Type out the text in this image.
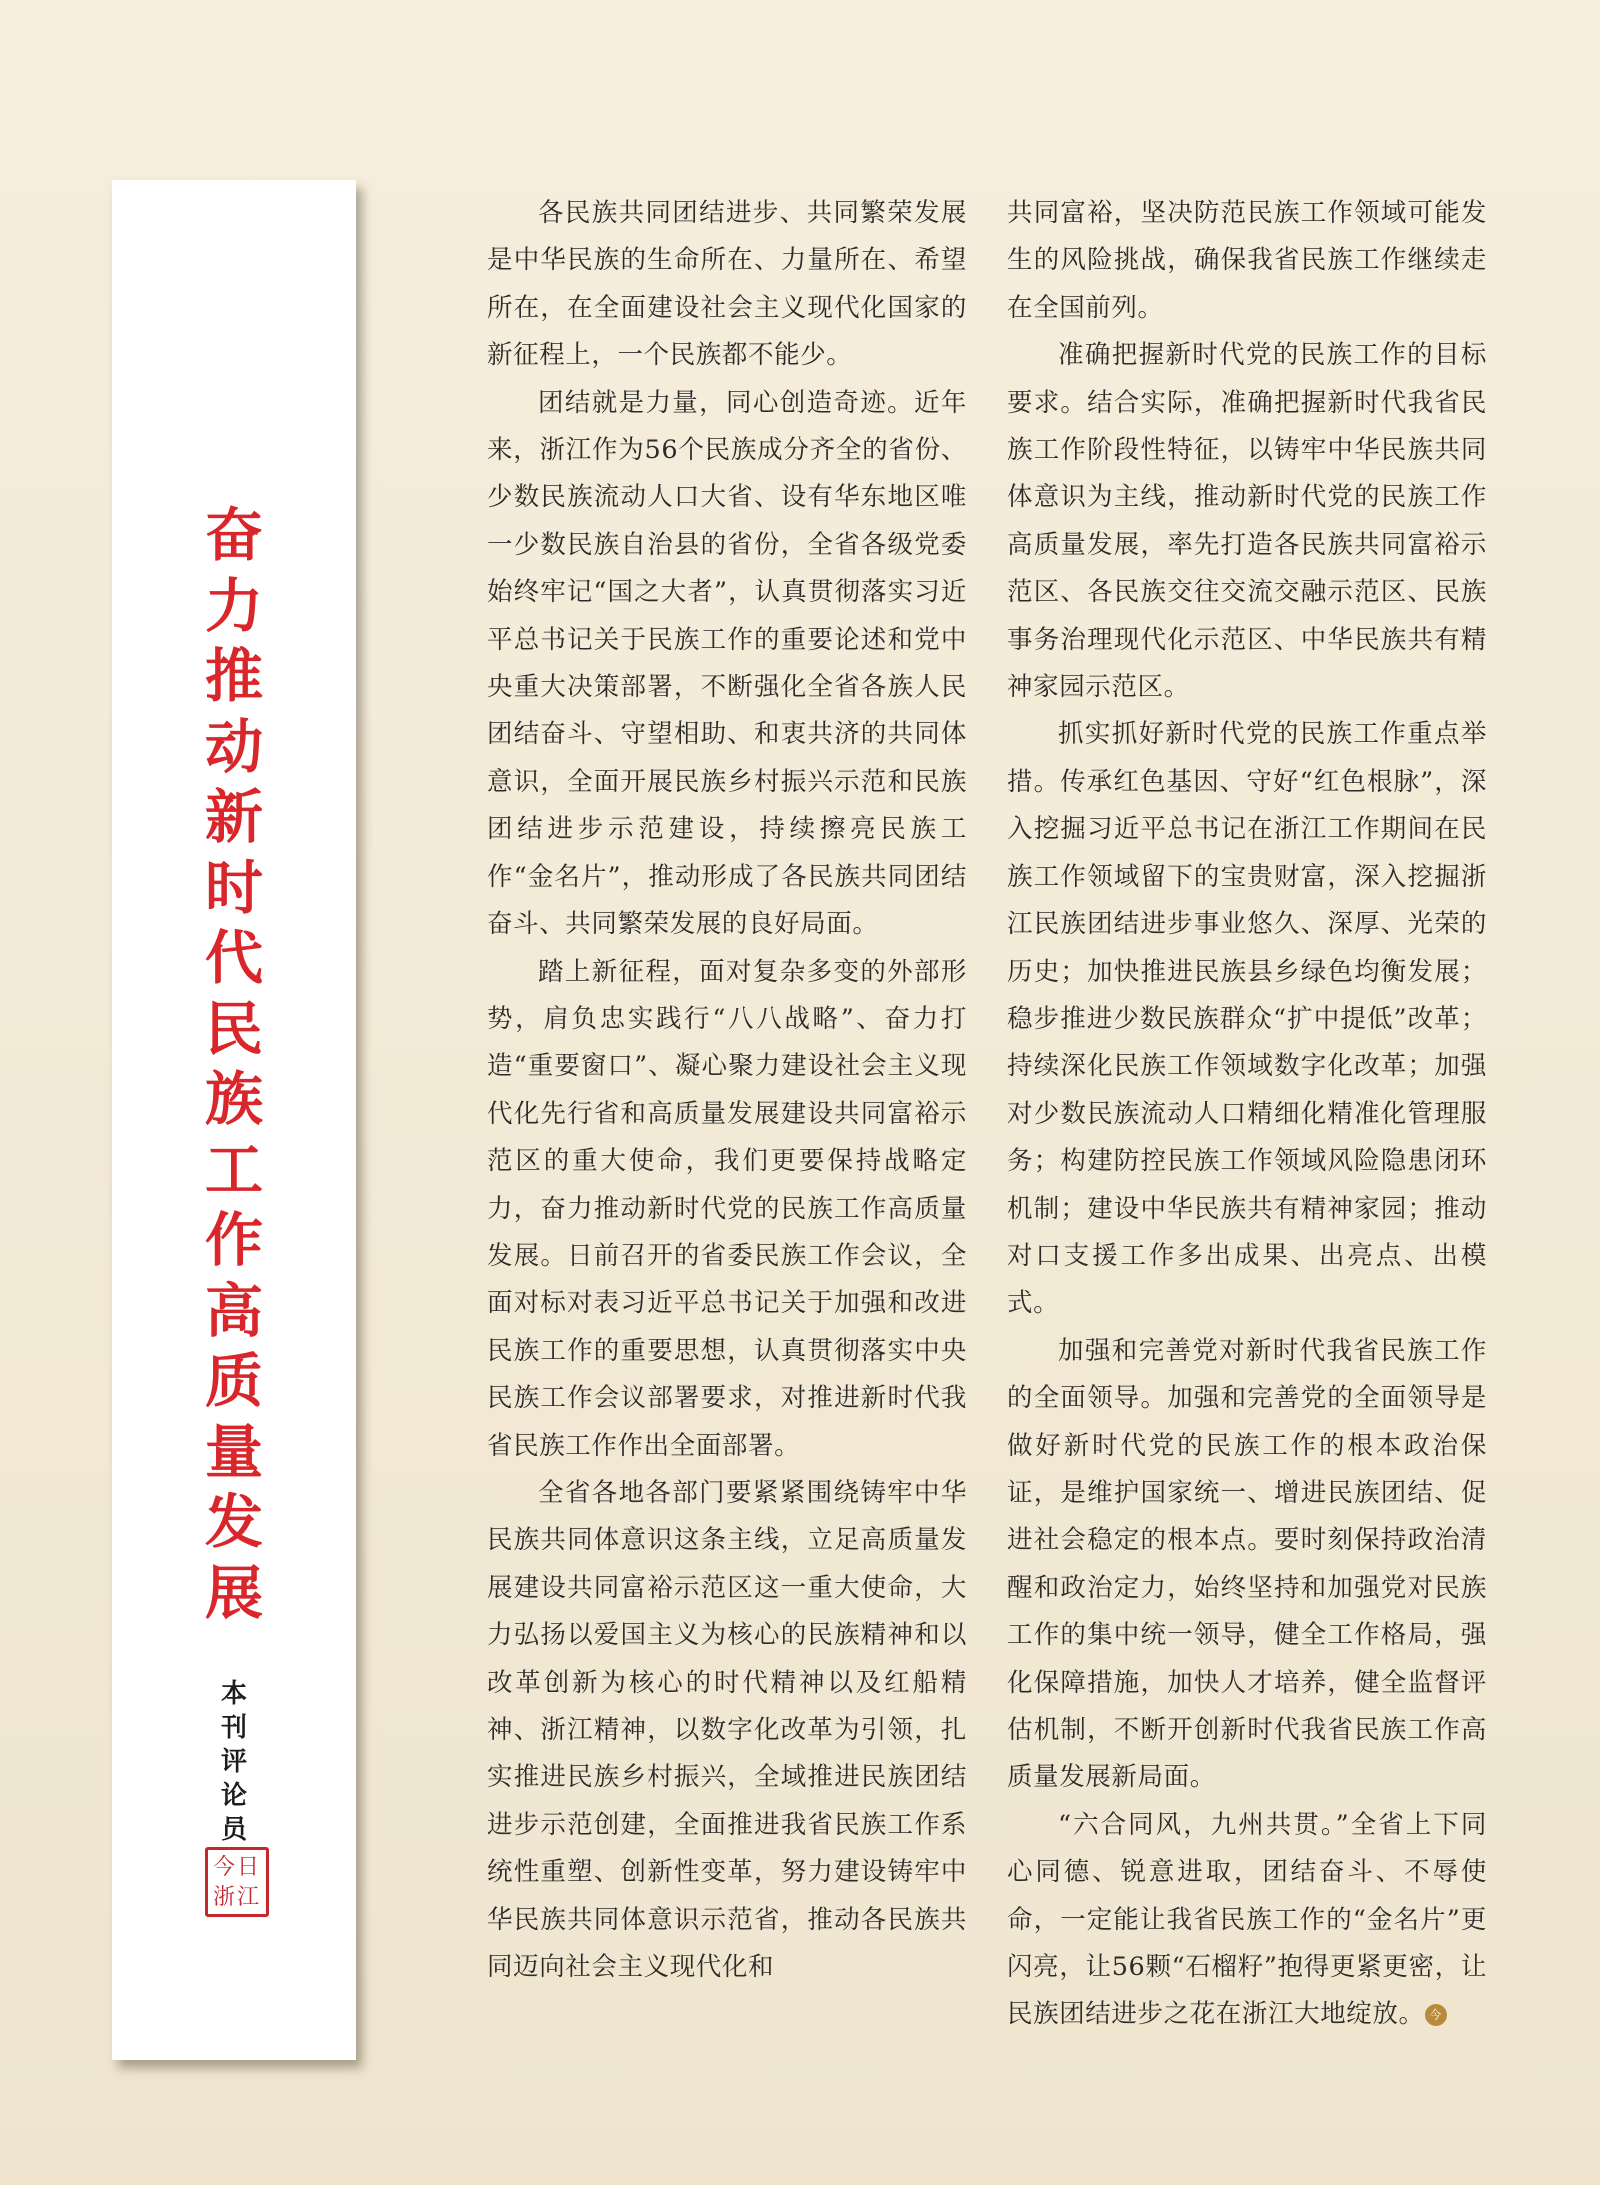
奋
力
推
动
新
时
代
民
族
工
作
高
质
量
发
展
本
刊
评
论
员
今日浙江

各民族共同团结进步、共同繁荣发展是中华民族的生命所在、力量所在、希望所在，在全面建设社会主义现代化国家的新征程上，一个民族都不能少。

团结就是力量，同心创造奇迹。近年来，浙江作为56个民族成分齐全的省份、少数民族流动人口大省、设有华东地区唯一少数民族自治县的省份，全省各级党委始终牢记“国之大者”，认真贯彻落实习近平总书记关于民族工作的重要论述和党中央重大决策部署，不断强化全省各族人民团结奋斗、守望相助、和衷共济的共同体意识，全面开展民族乡村振兴示范和民族团结进步示范建设，持续擦亮民族工作“金名片”，推动形成了各民族共同团结奋斗、共同繁荣发展的良好局面。

踏上新征程，面对复杂多变的外部形势，肩负忠实践行“八八战略”、奋力打造“重要窗口”、凝心聚力建设社会主义现代化先行省和高质量发展建设共同富裕示范区的重大使命，我们更要保持战略定力，奋力推动新时代党的民族工作高质量发展。日前召开的省委民族工作会议，全面对标对表习近平总书记关于加强和改进民族工作的重要思想，认真贯彻落实中央民族工作会议部署要求，对推进新时代我省民族工作作出全面部署。

全省各地各部门要紧紧围绕铸牢中华民族共同体意识这条主线，立足高质量发展建设共同富裕示范区这一重大使命，大力弘扬以爱国主义为核心的民族精神和以改革创新为核心的时代精神以及红船精神、浙江精神，以数字化改革为引领，扎实推进民族乡村振兴，全域推进民族团结进步示范创建，全面推进我省民族工作系统性重塑、创新性变革，努力建设铸牢中华民族共同体意识示范省，推动各民族共同迈向社会主义现代化和

共同富裕，坚决防范民族工作领域可能发生的风险挑战，确保我省民族工作继续走在全国前列。

准确把握新时代党的民族工作的目标要求。结合实际，准确把握新时代我省民族工作阶段性特征，以铸牢中华民族共同体意识为主线，推动新时代党的民族工作高质量发展，率先打造各民族共同富裕示范区、各民族交往交流交融示范区、民族事务治理现代化示范区、中华民族共有精神家园示范区。

抓实抓好新时代党的民族工作重点举措。传承红色基因、守好“红色根脉”，深入挖掘习近平总书记在浙江工作期间在民族工作领域留下的宝贵财富，深入挖掘浙江民族团结进步事业悠久、深厚、光荣的历史；加快推进民族县乡绿色均衡发展；稳步推进少数民族群众“扩中提低”改革；持续深化民族工作领域数字化改革；加强对少数民族流动人口精细化精准化管理服务；构建防控民族工作领域风险隐患闭环机制；建设中华民族共有精神家园；推动对口支援工作多出成果、出亮点、出模式。

加强和完善党对新时代我省民族工作的全面领导。加强和完善党的全面领导是做好新时代党的民族工作的根本政治保证，是维护国家统一、增进民族团结、促进社会稳定的根本点。要时刻保持政治清醒和政治定力，始终坚持和加强党对民族工作的集中统一领导，健全工作格局，强化保障措施，加快人才培养，健全监督评估机制，不断开创新时代我省民族工作高质量发展新局面。

“六合同风，九州共贯。”全省上下同心同德、锐意进取，团结奋斗、不辱使命，一定能让我省民族工作的“金名片”更闪亮，让56颗“石榴籽”抱得更紧更密，让民族团结进步之花在浙江大地绽放。 今
